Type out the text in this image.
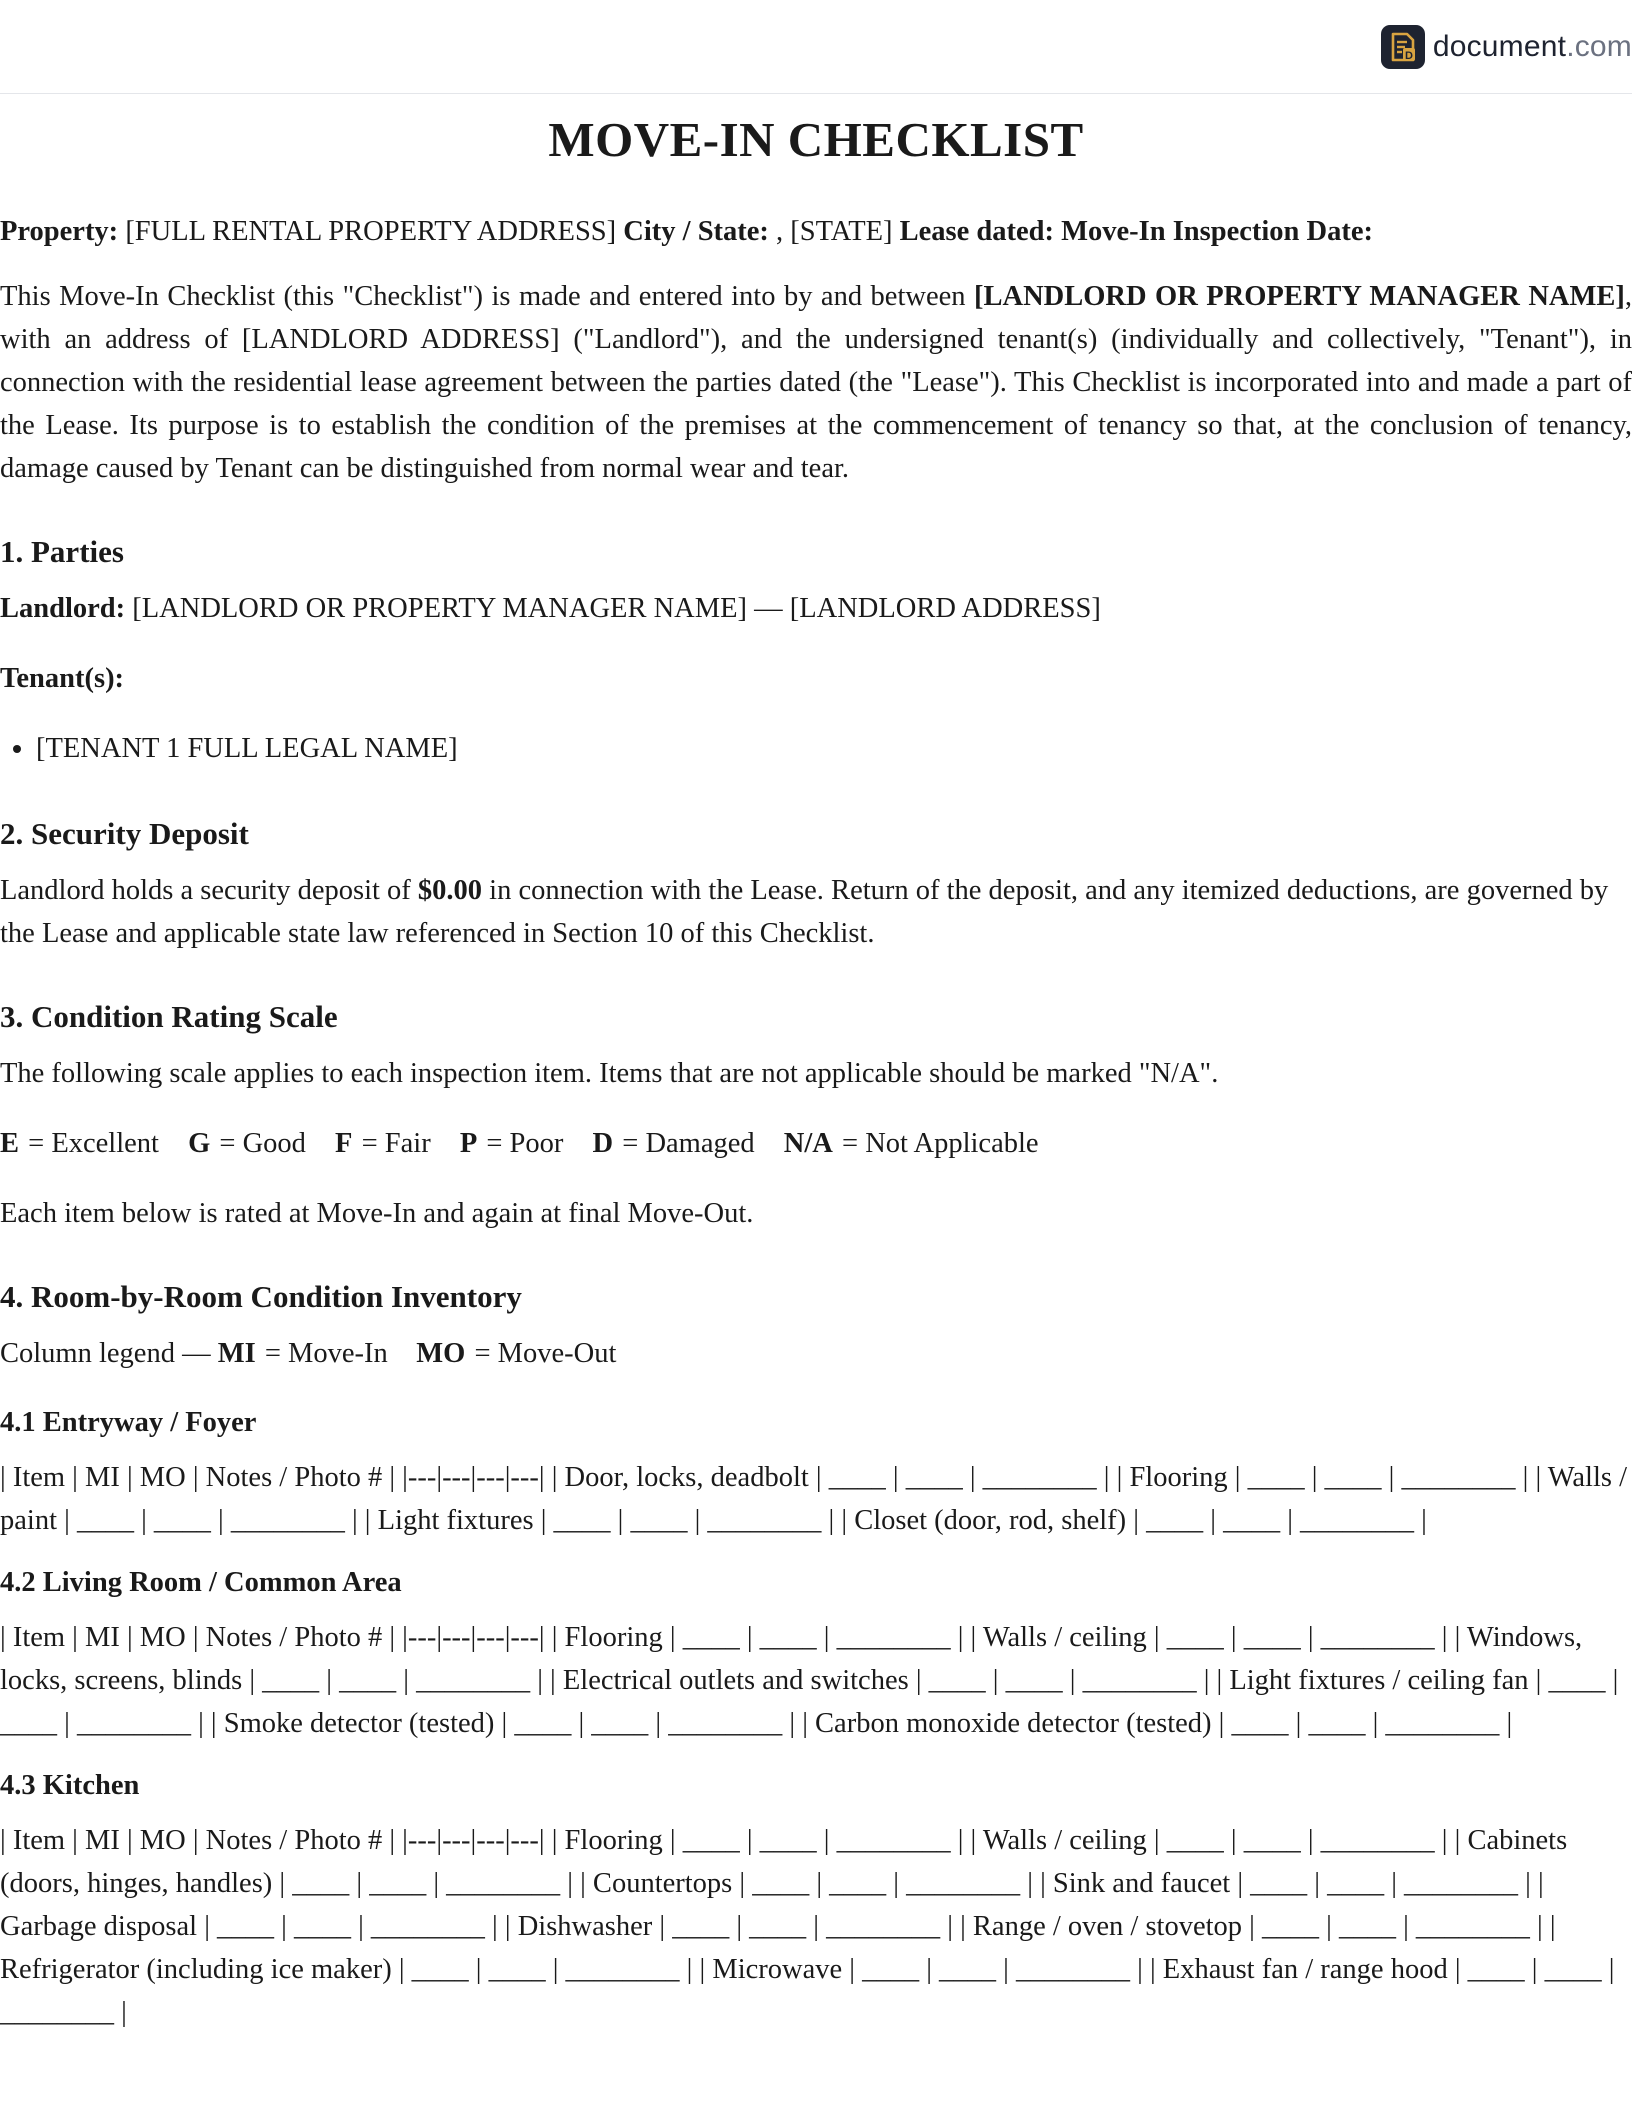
D document.com
MOVE-IN CHECKLIST

Property: [FULL RENTAL PROPERTY ADDRESS] City / State: , [STATE] Lease dated: Move-In Inspection Date:

This Move-In Checklist (this "Checklist") is made and entered into by and between [LANDLORD OR PROPERTY MANAGER NAME], with an address of [LANDLORD ADDRESS] ("Landlord"), and the undersigned tenant(s) (individually and collectively, "Tenant"), in connection with the residential lease agreement between the parties dated (the "Lease"). This Checklist is incorporated into and made a part of the Lease. Its purpose is to establish the condition of the premises at the commencement of tenancy so that, at the conclusion of tenancy, damage caused by Tenant can be distinguished from normal wear and tear.

1. Parties

Landlord: [LANDLORD OR PROPERTY MANAGER NAME] — [LANDLORD ADDRESS]

Tenant(s):

• [TENANT 1 FULL LEGAL NAME]
2. Security Deposit

Landlord holds a security deposit of $0.00 in connection with the Lease. Return of the deposit, and any itemized deductions, are governed by the Lease and applicable state law referenced in Section 10 of this Checklist.

3. Condition Rating Scale

The following scale applies to each inspection item. Items that are not applicable should be marked "N/A".

E = Excellent G = Good F = Fair P = Poor D = Damaged N/A = Not Applicable

Each item below is rated at Move-In and again at final Move-Out.

4. Room-by-Room Condition Inventory

Column legend — MI = Move-In MO = Move-Out

4.1 Entryway / Foyer

| Item | MI | MO | Notes / Photo # | |---|---|---|---| | Door, locks, deadbolt | ____ | ____ | ________ | | Flooring | ____ | ____ | ________ | | Walls / paint | ____ | ____ | ________ | | Light fixtures | ____ | ____ | ________ | | Closet (door, rod, shelf) | ____ | ____ | ________ |

4.2 Living Room / Common Area

| Item | MI | MO | Notes / Photo # | |---|---|---|---| | Flooring | ____ | ____ | ________ | | Walls / ceiling | ____ | ____ | ________ | | Windows, locks, screens, blinds | ____ | ____ | ________ | | Electrical outlets and switches | ____ | ____ | ________ | | Light fixtures / ceiling fan | ____ | ____ | ________ | | Smoke detector (tested) | ____ | ____ | ________ | | Carbon monoxide detector (tested) | ____ | ____ | ________ |

4.3 Kitchen

| Item | MI | MO | Notes / Photo # | |---|---|---|---| | Flooring | ____ | ____ | ________ | | Walls / ceiling | ____ | ____ | ________ | | Cabinets (doors, hinges, handles) | ____ | ____ | ________ | | Countertops | ____ | ____ | ________ | | Sink and faucet | ____ | ____ | ________ | | Garbage disposal | ____ | ____ | ________ | | Dishwasher | ____ | ____ | ________ | | Range / oven / stovetop | ____ | ____ | ________ | | Refrigerator (including ice maker) | ____ | ____ | ________ | | Microwave | ____ | ____ | ________ | | Exhaust fan / range hood | ____ | ____ | ________ |
